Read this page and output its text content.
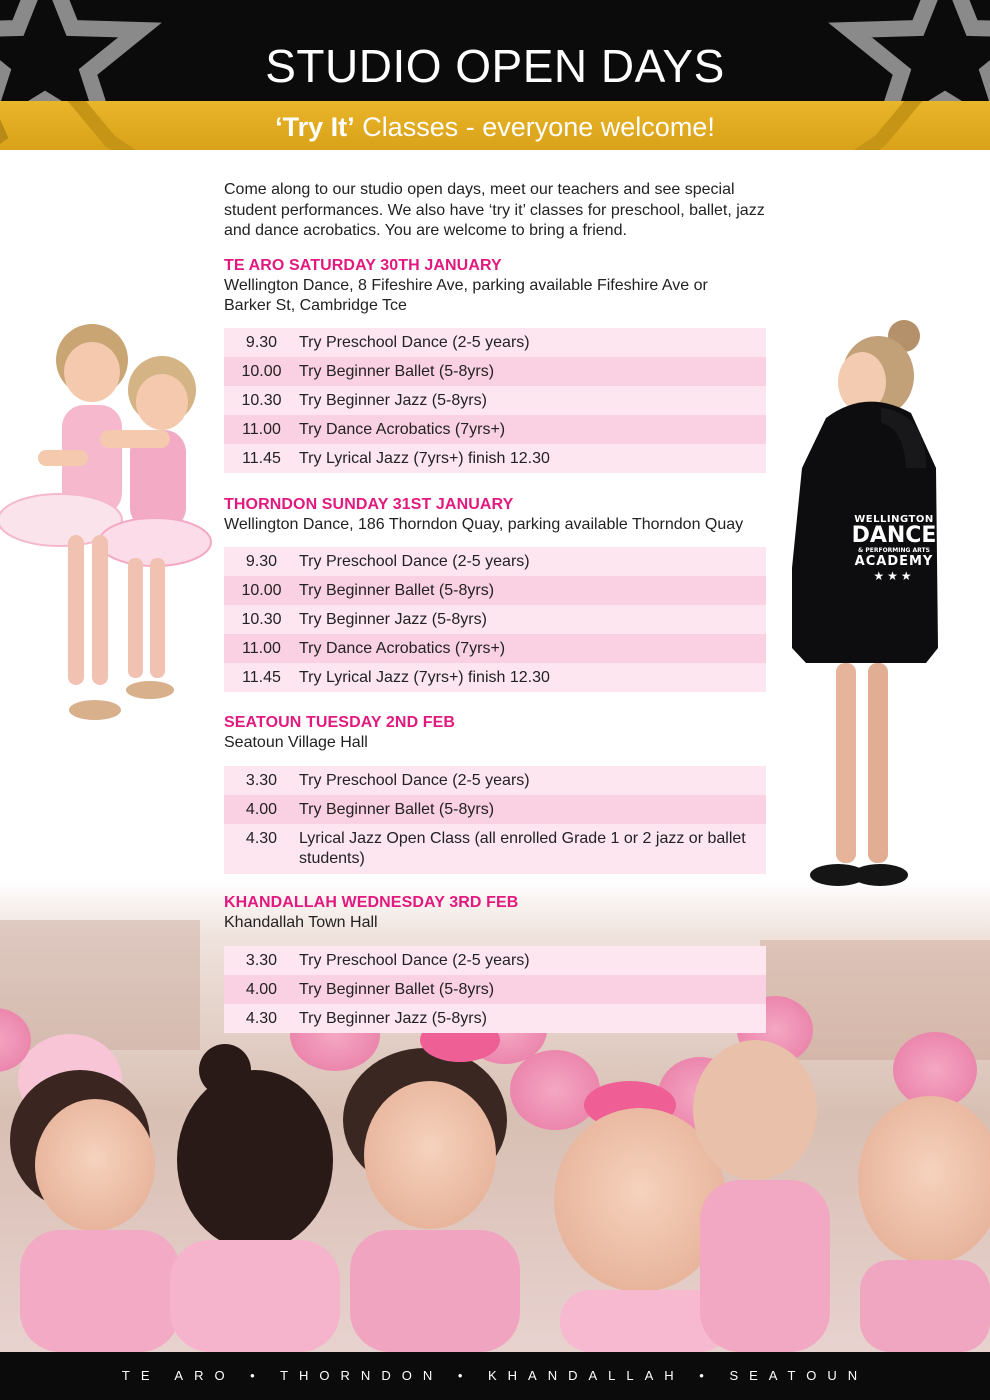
STUDIO OPEN DAYS
‘Try It’ Classes - everyone welcome!
Come along to our studio open days, meet our teachers and see special student performances. We also have ‘try it’ classes for preschool, ballet, jazz and dance acrobatics. You are welcome to bring a friend.
TE ARO SATURDAY 30TH JANUARY
Wellington Dance, 8 Fifeshire Ave, parking available Fifeshire Ave or Barker St, Cambridge Tce
9.30	Try Preschool Dance (2-5 years)
10.00	Try Beginner Ballet (5-8yrs)
10.30	Try Beginner Jazz (5-8yrs)
11.00	Try Dance Acrobatics (7yrs+)
11.45	Try Lyrical Jazz (7yrs+) finish 12.30
THORNDON SUNDAY 31ST JANUARY
Wellington Dance, 186 Thorndon Quay, parking available Thorndon Quay
9.30	Try Preschool Dance (2-5 years)
10.00	Try Beginner Ballet (5-8yrs)
10.30	Try Beginner Jazz (5-8yrs)
11.00	Try Dance Acrobatics (7yrs+)
11.45	Try Lyrical Jazz (7yrs+) finish 12.30
SEATOUN TUESDAY 2ND FEB
Seatoun Village Hall
3.30	Try Preschool Dance (2-5 years)
4.00	Try Beginner Ballet (5-8yrs)
4.30	Lyrical Jazz Open Class (all enrolled Grade 1 or 2 jazz or ballet students)
KHANDALLAH WEDNESDAY 3RD FEB
Khandallah Town Hall
3.30	Try Preschool Dance (2-5 years)
4.00	Try Beginner Ballet (5-8yrs)
4.30	Try Beginner Jazz (5-8yrs)
WELLINGTON
DANCE
& PERFORMING ARTS
ACADEMY
★★★
TE ARO • THORNDON • KHANDALLAH • SEATOUN
